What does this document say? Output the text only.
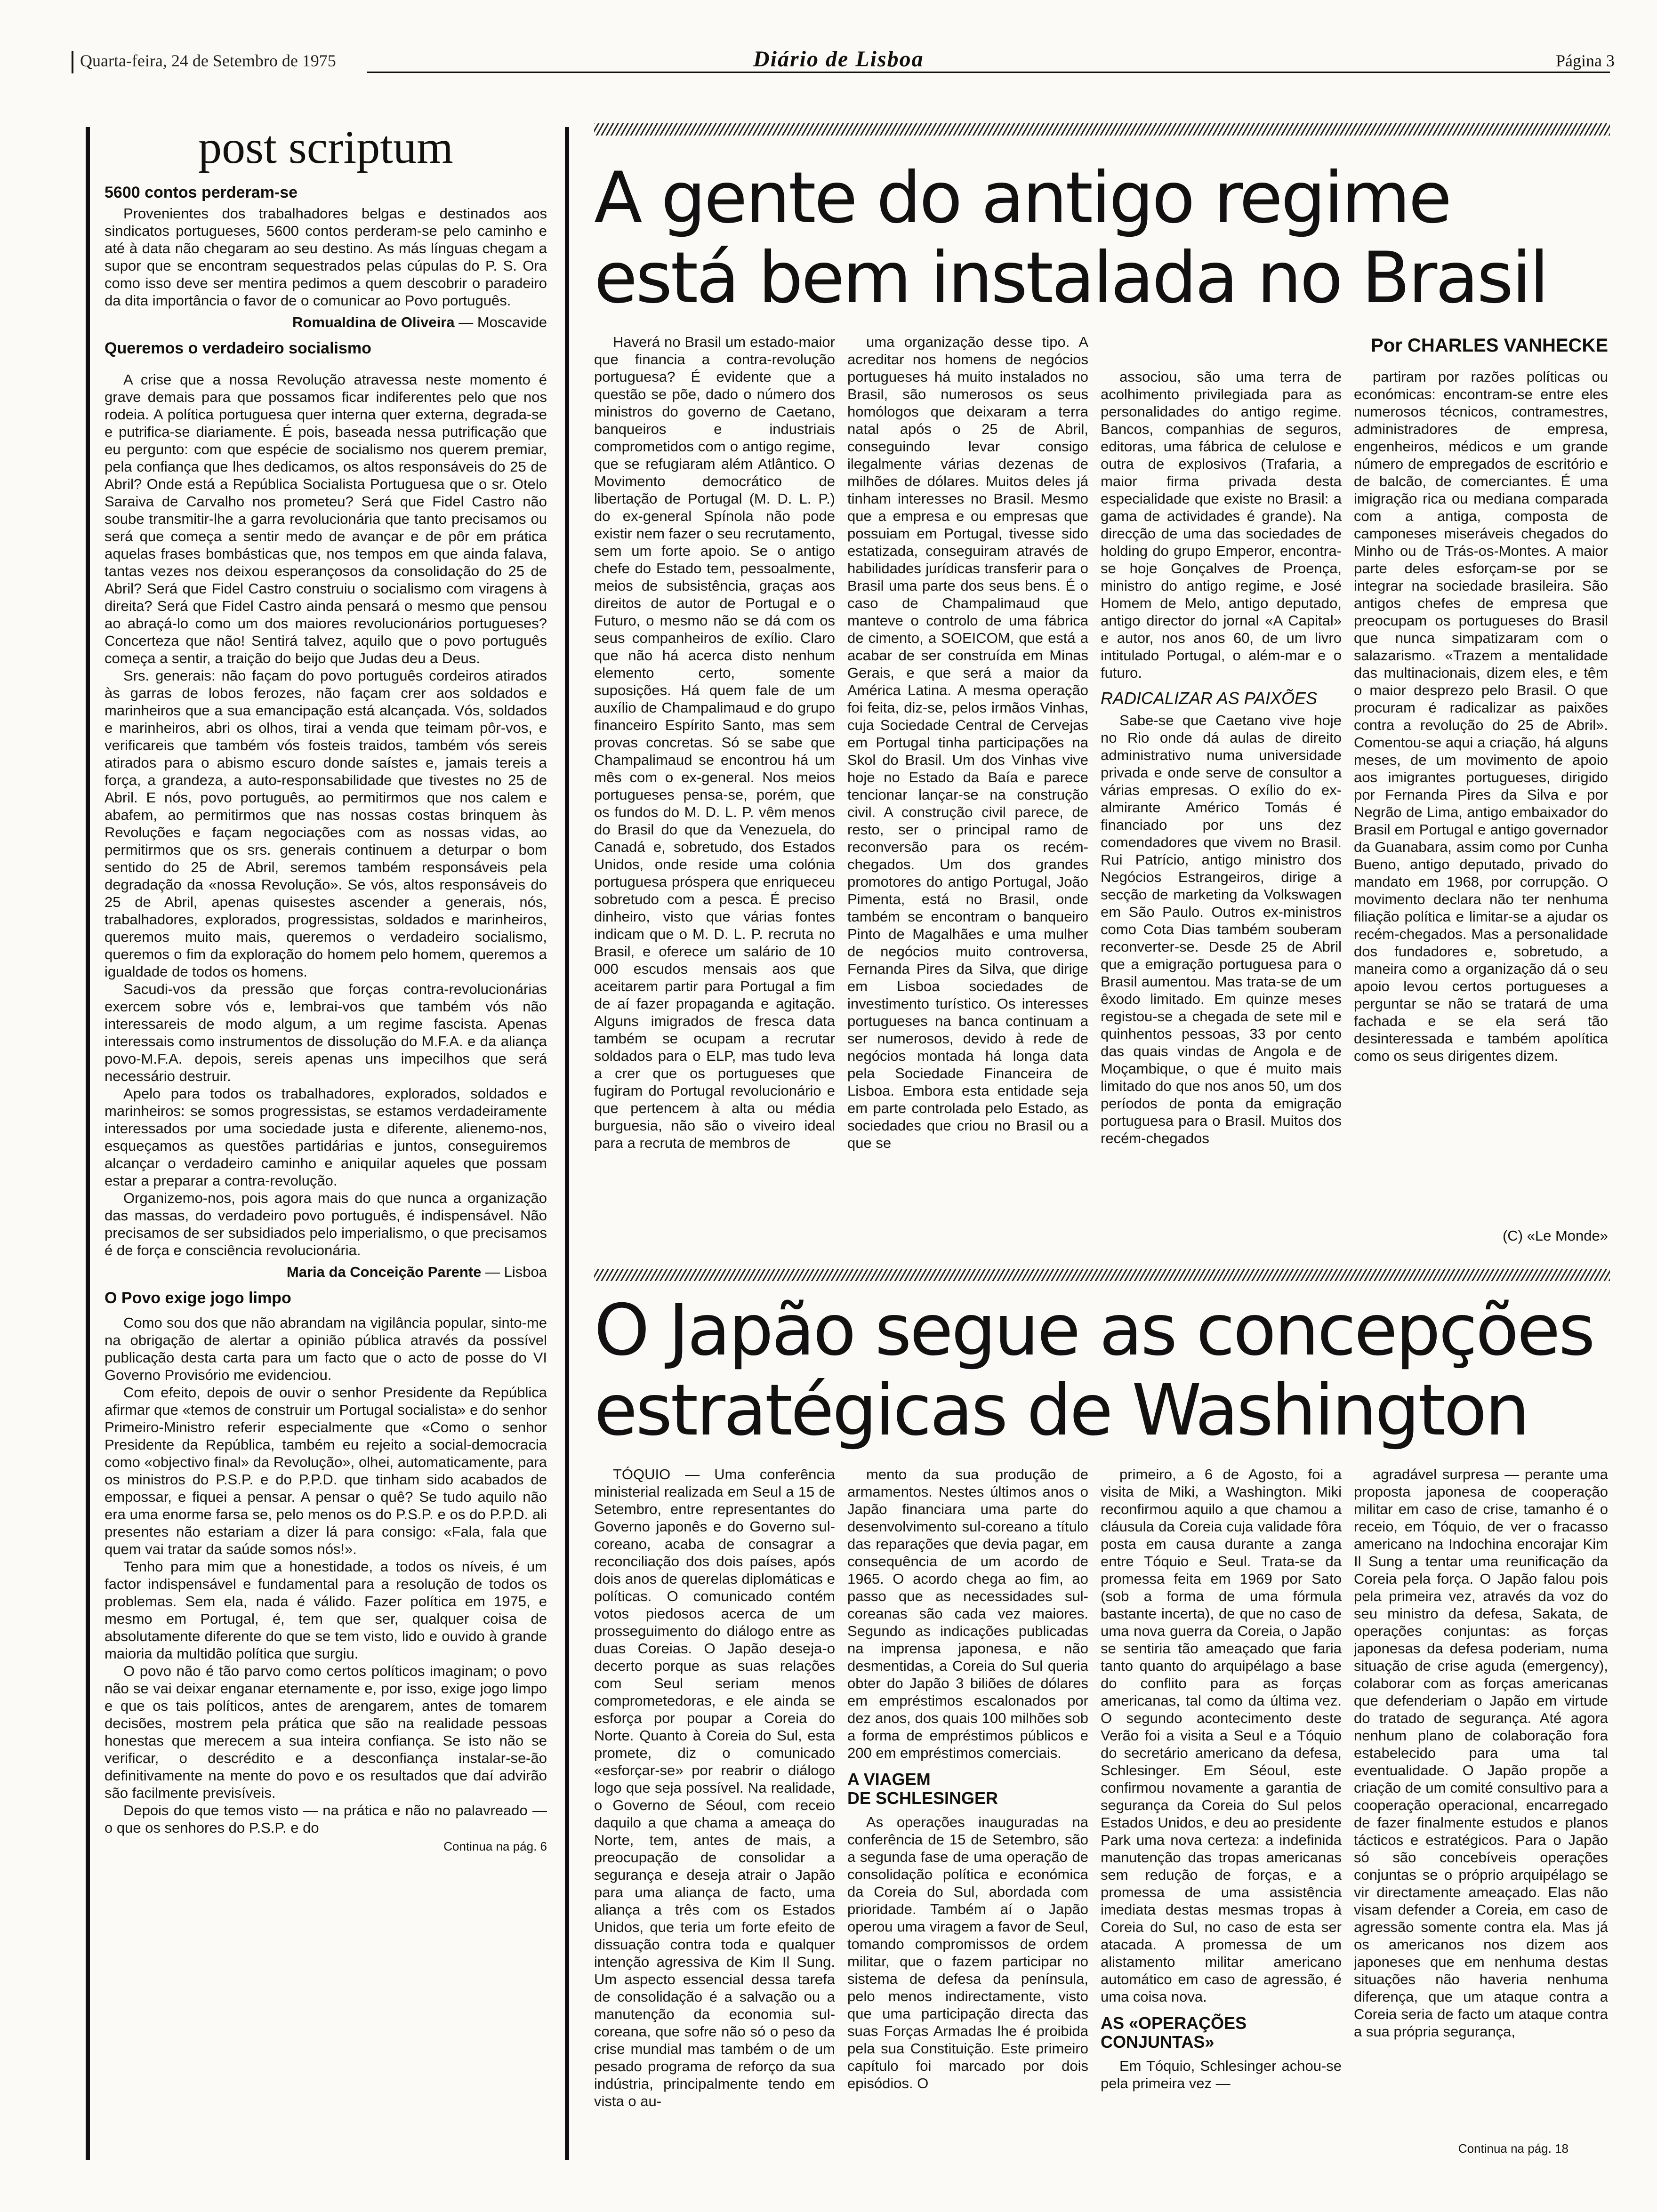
Quarta-feira, 24 de Setembro de 1975	Diário de Lisboa	Página 3
post scriptum
5600 contos perderam-se

Provenientes dos trabalhadores belgas e destinados aos sindicatos portugueses, 5600 contos perderam-se pelo caminho e até à data não chegaram ao seu destino. As más línguas chegam a supor que se encontram sequestrados pelas cúpulas do P. S. Ora como isso deve ser mentira pedimos a quem descobrir o paradeiro da dita importância o favor de o comunicar ao Povo português.

Romualdina de Oliveira — Moscavide
Queremos o verdadeiro socialismo

A crise que a nossa Revolução atravessa neste momento é grave demais para que possamos ficar indiferentes pelo que nos rodeia. A política portuguesa quer interna quer externa, degrada-se e putrifica-se diariamente. É pois, baseada nessa putrificação que eu pergunto: com que espécie de socialismo nos querem premiar, pela confiança que lhes dedicamos, os altos responsáveis do 25 de Abril? Onde está a República Socialista Portuguesa que o sr. Otelo Saraiva de Carvalho nos prometeu? Será que Fidel Castro não soube transmitir-lhe a garra revolucionária que tanto precisamos ou será que começa a sentir medo de avançar e de pôr em prática aquelas frases bombásticas que, nos tempos em que ainda falava, tantas vezes nos deixou esperançosos da consolidação do 25 de Abril? Será que Fidel Castro construiu o socialismo com viragens à direita? Será que Fidel Castro ainda pensará o mesmo que pensou ao abraçá-lo como um dos maiores revolucionários portugueses? Concerteza que não! Sentirá talvez, aquilo que o povo português começa a sentir, a traição do beijo que Judas deu a Deus.

Srs. generais: não façam do povo português cordeiros atirados às garras de lobos ferozes, não façam crer aos soldados e marinheiros que a sua emancipação está alcançada. Vós, soldados e marinheiros, abri os olhos, tirai a venda que teimam pôr-vos, e verificareis que também vós fosteis traidos, também vós sereis atirados para o abismo escuro donde saístes e, jamais tereis a força, a grandeza, a auto-responsabilidade que tivestes no 25 de Abril. E nós, povo português, ao permitirmos que nos calem e abafem, ao permitirmos que nas nossas costas brinquem às Revoluções e façam negociações com as nossas vidas, ao permitirmos que os srs. generais continuem a deturpar o bom sentido do 25 de Abril, seremos também responsáveis pela degradação da «nossa Revolução». Se vós, altos responsáveis do 25 de Abril, apenas quisestes ascender a generais, nós, trabalhadores, explorados, progressistas, soldados e marinheiros, queremos muito mais, queremos o verdadeiro socialismo, queremos o fim da exploração do homem pelo homem, queremos a igualdade de todos os homens.

Sacudi-vos da pressão que forças contra-revolucionárias exercem sobre vós e, lembrai-vos que também vós não interessareis de modo algum, a um regime fascista. Apenas interessais como instrumentos de dissolução do M.F.A. e da aliança povo-M.F.A. depois, sereis apenas uns impecilhos que será necessário destruir.

Apelo para todos os trabalhadores, explorados, soldados e marinheiros: se somos progressistas, se estamos verdadeiramente interessados por uma sociedade justa e diferente, alienemo-nos, esqueçamos as questões partidárias e juntos, conseguiremos alcançar o verdadeiro caminho e aniquilar aqueles que possam estar a preparar a contra-revolução.

Organizemo-nos, pois agora mais do que nunca a organização das massas, do verdadeiro povo português, é indispensável. Não precisamos de ser subsidiados pelo imperialismo, o que precisamos é de força e consciência revolucionária.

Maria da Conceição Parente — Lisboa
O Povo exige jogo limpo

Como sou dos que não abrandam na vigilância popular, sinto-me na obrigação de alertar a opinião pública através da possível publicação desta carta para um facto que o acto de posse do VI Governo Provisório me evidenciou.

Com efeito, depois de ouvir o senhor Presidente da República afirmar que «temos de construir um Portugal socialista» e do senhor Primeiro-Ministro referir especialmente que «Como o senhor Presidente da República, também eu rejeito a social-democracia como «objectivo final» da Revolução», olhei, automaticamente, para os ministros do P.S.P. e do P.P.D. que tinham sido acabados de empossar, e fiquei a pensar. A pensar o quê? Se tudo aquilo não era uma enorme farsa se, pelo menos os do P.S.P. e os do P.P.D. ali presentes não estariam a dizer lá para consigo: «Fala, fala que quem vai tratar da saúde somos nós!».

Tenho para mim que a honestidade, a todos os níveis, é um factor indispensável e fundamental para a resolução de todos os problemas. Sem ela, nada é válido. Fazer política em 1975, e mesmo em Portugal, é, tem que ser, qualquer coisa de absolutamente diferente do que se tem visto, lido e ouvido à grande maioria da multidão política que surgiu.

O povo não é tão parvo como certos políticos imaginam; o povo não se vai deixar enganar eternamente e, por isso, exige jogo limpo e que os tais políticos, antes de arengarem, antes de tomarem decisões, mostrem pela prática que são na realidade pessoas honestas que merecem a sua inteira confiança. Se isto não se verificar, o descrédito e a desconfiança instalar-se-ão definitivamente na mente do povo e os resultados que daí advirão são facilmente previsíveis.

Depois do que temos visto — na prática e não no palavreado — o que os senhores do P.S.P. e do

Continua na pág. 6
A gente do antigo regime
está bem instalada no Brasil
Por CHARLES VANHECKE

Haverá no Brasil um estado-maior que financia a contra-revolução portuguesa? É evidente que a questão se põe, dado o número dos ministros do governo de Caetano, banqueiros e industriais comprometidos com o antigo regime, que se refugiaram além Atlântico. O Movimento democrático de libertação de Portugal (M. D. L. P.) do ex-general Spínola não pode existir nem fazer o seu recrutamento, sem um forte apoio. Se o antigo chefe do Estado tem, pessoalmente, meios de subsistência, graças aos direitos de autor de Portugal e o Futuro, o mesmo não se dá com os seus companheiros de exílio. Claro que não há acerca disto nenhum elemento certo, somente suposições. Há quem fale de um auxílio de Champalimaud e do grupo financeiro Espírito Santo, mas sem provas concretas. Só se sabe que Champalimaud se encontrou há um mês com o ex-general. Nos meios portugueses pensa-se, porém, que os fundos do M. D. L. P. vêm menos do Brasil do que da Venezuela, do Canadá e, sobretudo, dos Estados Unidos, onde reside uma colónia portuguesa próspera que enriqueceu sobretudo com a pesca. É preciso dinheiro, visto que várias fontes indicam que o M. D. L. P. recruta no Brasil, e oferece um salário de 10 000 escudos mensais aos que aceitarem partir para Portugal a fim de aí fazer propaganda e agitação. Alguns imigrados de fresca data também se ocupam a recrutar soldados para o ELP, mas tudo leva a crer que os portugueses que fugiram do Portugal revolucionário e que pertencem à alta ou média burguesia, não são o viveiro ideal para a recruta de membros de

uma organização desse tipo. A acreditar nos homens de negócios portugueses há muito instalados no Brasil, são numerosos os seus homólogos que deixaram a terra natal após o 25 de Abril, conseguindo levar consigo ilegalmente várias dezenas de milhões de dólares. Muitos deles já tinham interesses no Brasil. Mesmo que a empresa e ou empresas que possuiam em Portugal, tivesse sido estatizada, conseguiram através de habilidades jurídicas transferir para o Brasil uma parte dos seus bens. É o caso de Champalimaud que manteve o controlo de uma fábrica de cimento, a SOEICOM, que está a acabar de ser construída em Minas Gerais, e que será a maior da América Latina. A mesma operação foi feita, diz-se, pelos irmãos Vinhas, cuja Sociedade Central de Cervejas em Portugal tinha participações na Skol do Brasil. Um dos Vinhas vive hoje no Estado da Baía e parece tencionar lançar-se na construção civil. A construção civil parece, de resto, ser o principal ramo de reconversão para os recém-chegados. Um dos grandes promotores do antigo Portugal, João Pimenta, está no Brasil, onde também se encontram o banqueiro Pinto de Magalhães e uma mulher de negócios muito controversa, Fernanda Pires da Silva, que dirige em Lisboa sociedades de investimento turístico. Os interesses portugueses na banca continuam a ser numerosos, devido à rede de negócios montada há longa data pela Sociedade Financeira de Lisboa. Embora esta entidade seja em parte controlada pelo Estado, as sociedades que criou no Brasil ou a que se

associou, são uma terra de acolhimento privilegiada para as personalidades do antigo regime. Bancos, companhias de seguros, editoras, uma fábrica de celulose e outra de explosivos (Trafaria, a maior firma privada desta especialidade que existe no Brasil: a gama de actividades é grande). Na direcção de uma das sociedades de holding do grupo Emperor, encontra-se hoje Gonçalves de Proença, ministro do antigo regime, e José Homem de Melo, antigo deputado, antigo director do jornal «A Capital» e autor, nos anos 60, de um livro intitulado Portugal, o além-mar e o futuro.

RADICALIZAR AS PAIXÕES

Sabe-se que Caetano vive hoje no Rio onde dá aulas de direito administrativo numa universidade privada e onde serve de consultor a várias empresas. O exílio do ex-almirante Américo Tomás é financiado por uns dez comendadores que vivem no Brasil. Rui Patrício, antigo ministro dos Negócios Estrangeiros, dirige a secção de marketing da Volkswagen em São Paulo. Outros ex-ministros como Cota Dias também souberam reconverter-se. Desde 25 de Abril que a emigração portuguesa para o Brasil aumentou. Mas trata-se de um êxodo limitado. Em quinze meses registou-se a chegada de sete mil e quinhentos pessoas, 33 por cento das quais vindas de Angola e de Moçambique, o que é muito mais limitado do que nos anos 50, um dos períodos de ponta da emigração portuguesa para o Brasil. Muitos dos recém-chegados

partiram por razões políticas ou económicas: encontram-se entre eles numerosos técnicos, contramestres, administradores de empresa, engenheiros, médicos e um grande número de empregados de escritório e de balcão, de comerciantes. É uma imigração rica ou mediana comparada com a antiga, composta de camponeses miseráveis chegados do Minho ou de Trás-os-Montes. A maior parte deles esforçam-se por se integrar na sociedade brasileira. São antigos chefes de empresa que preocupam os portugueses do Brasil que nunca simpatizaram com o salazarismo. «Trazem a mentalidade das multinacionais, dizem eles, e têm o maior desprezo pelo Brasil. O que procuram é radicalizar as paixões contra a revolução do 25 de Abril». Comentou-se aqui a criação, há alguns meses, de um movimento de apoio aos imigrantes portugueses, dirigido por Fernanda Pires da Silva e por Negrão de Lima, antigo embaixador do Brasil em Portugal e antigo governador da Guanabara, assim como por Cunha Bueno, antigo deputado, privado do mandato em 1968, por corrupção. O movimento declara não ter nenhuma filiação política e limitar-se a ajudar os recém-chegados. Mas a personalidade dos fundadores e, sobretudo, a maneira como a organização dá o seu apoio levou certos portugueses a perguntar se não se tratará de uma fachada e se ela será tão desinteressada e também apolítica como os seus dirigentes dizem.

(C) «Le Monde»
O Japão segue as concepções
estratégicas de Washington

TÓQUIO — Uma conferência ministerial realizada em Seul a 15 de Setembro, entre representantes do Governo japonês e do Governo sul-coreano, acaba de consagrar a reconciliação dos dois países, após dois anos de querelas diplomáticas e políticas. O comunicado contém votos piedosos acerca de um prosseguimento do diálogo entre as duas Coreias. O Japão deseja-o decerto porque as suas relações com Seul seriam menos comprometedoras, e ele ainda se esforça por poupar a Coreia do Norte. Quanto à Coreia do Sul, esta promete, diz o comunicado «esforçar-se» por reabrir o diálogo logo que seja possível. Na realidade, o Governo de Séoul, com receio daquilo a que chama a ameaça do Norte, tem, antes de mais, a preocupação de consolidar a segurança e deseja atrair o Japão para uma aliança de facto, uma aliança a três com os Estados Unidos, que teria um forte efeito de dissuação contra toda e qualquer intenção agressiva de Kim Il Sung. Um aspecto essencial dessa tarefa de consolidação é a salvação ou a manutenção da economia sul-coreana, que sofre não só o peso da crise mundial mas também o de um pesado programa de reforço da sua indústria, principalmente tendo em vista o au-

mento da sua produção de armamentos. Nestes últimos anos o Japão financiara uma parte do desenvolvimento sul-coreano a título das reparações que devia pagar, em consequência de um acordo de 1965. O acordo chega ao fim, ao passo que as necessidades sul-coreanas são cada vez maiores. Segundo as indicações publicadas na imprensa japonesa, e não desmentidas, a Coreia do Sul queria obter do Japão 3 biliões de dólares em empréstimos escalonados por dez anos, dos quais 100 milhões sob a forma de empréstimos públicos e 200 em empréstimos comerciais.

A VIAGEM
DE SCHLESINGER

As operações inauguradas na conferência de 15 de Setembro, são a segunda fase de uma operação de consolidação política e económica da Coreia do Sul, abordada com prioridade. Também aí o Japão operou uma viragem a favor de Seul, tomando compromissos de ordem militar, que o fazem participar no sistema de defesa da península, pelo menos indirectamente, visto que uma participação directa das suas Forças Armadas lhe é proibida pela sua Constituição. Este primeiro capítulo foi marcado por dois episódios. O

primeiro, a 6 de Agosto, foi a visita de Miki, a Washington. Miki reconfirmou aquilo a que chamou a cláusula da Coreia cuja validade fôra posta em causa durante a zanga entre Tóquio e Seul. Trata-se da promessa feita em 1969 por Sato (sob a forma de uma fórmula bastante incerta), de que no caso de uma nova guerra da Coreia, o Japão se sentiria tão ameaçado que faria tanto quanto do arquipélago a base do conflito para as forças americanas, tal como da última vez. O segundo acontecimento deste Verão foi a visita a Seul e a Tóquio do secretário americano da defesa, Schlesinger. Em Séoul, este confirmou novamente a garantia de segurança da Coreia do Sul pelos Estados Unidos, e deu ao presidente Park uma nova certeza: a indefinida manutenção das tropas americanas sem redução de forças, e a promessa de uma assistência imediata destas mesmas tropas à Coreia do Sul, no caso de esta ser atacada. A promessa de um alistamento militar americano automático em caso de agressão, é uma coisa nova.

AS «OPERAÇÕES
CONJUNTAS»

Em Tóquio, Schlesinger achou-se pela primeira vez —

agradável surpresa — perante uma proposta japonesa de cooperação militar em caso de crise, tamanho é o receio, em Tóquio, de ver o fracasso americano na Indochina encorajar Kim Il Sung a tentar uma reunificação da Coreia pela força. O Japão falou pois pela primeira vez, através da voz do seu ministro da defesa, Sakata, de operações conjuntas: as forças japonesas da defesa poderiam, numa situação de crise aguda (emergency), colaborar com as forças americanas que defenderiam o Japão em virtude do tratado de segurança. Até agora nenhum plano de colaboração fora estabelecido para uma tal eventualidade. O Japão propõe a criação de um comité consultivo para a cooperação operacional, encarregado de fazer finalmente estudos e planos tácticos e estratégicos. Para o Japão só são concebíveis operações conjuntas se o próprio arquipélago se vir directamente ameaçado. Elas não visam defender a Coreia, em caso de agressão somente contra ela. Mas já os americanos nos dizem aos japoneses que em nenhuma destas situações não haveria nenhuma diferença, que um ataque contra a Coreia seria de facto um ataque contra a sua própria segurança,

Continua na pág. 18
